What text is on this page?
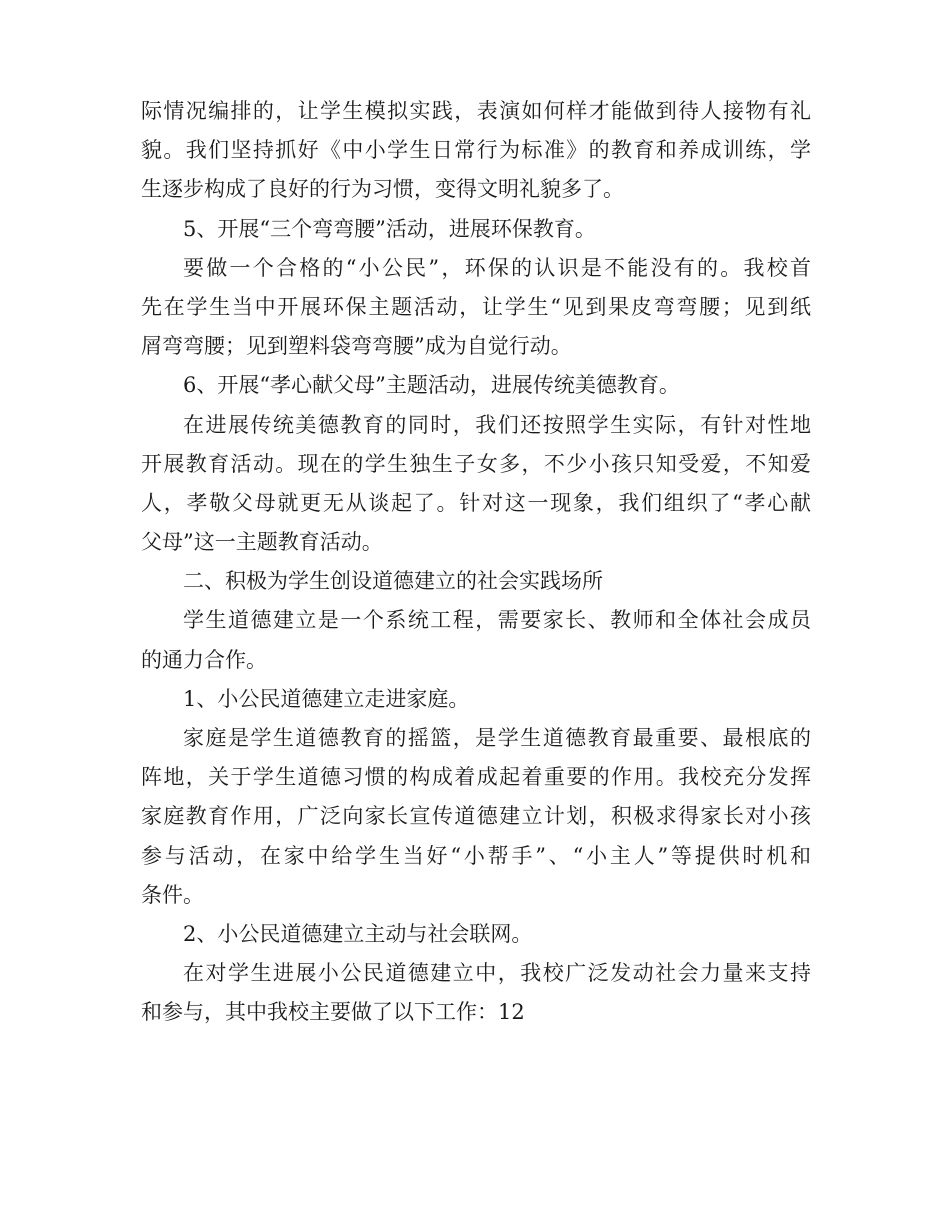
际情况编排的，让学生模拟实践，表演如何样才能做到待人接物有礼
貌。我们坚持抓好《中小学生日常行为标准》的教育和养成训练，学
生逐步构成了良好的行为习惯，变得文明礼貌多了。
5、开展“三个弯弯腰”活动，进展环保教育。
要做一个合格的“小公民”，环保的认识是不能没有的。我校首
先在学生当中开展环保主题活动，让学生“见到果皮弯弯腰；见到纸
屑弯弯腰；见到塑料袋弯弯腰”成为自觉行动。
6、开展“孝心献父母”主题活动，进展传统美德教育。
在进展传统美德教育的同时，我们还按照学生实际，有针对性地
开展教育活动。现在的学生独生子女多，不少小孩只知受爱，不知爱
人，孝敬父母就更无从谈起了。针对这一现象，我们组织了“孝心献
父母”这一主题教育活动。
二、积极为学生创设道德建立的社会实践场所
学生道德建立是一个系统工程，需要家长、教师和全体社会成员
的通力合作。
1、小公民道德建立走进家庭。
家庭是学生道德教育的摇篮，是学生道德教育最重要、最根底的
阵地，关于学生道德习惯的构成着成起着重要的作用。我校充分发挥
家庭教育作用，广泛向家长宣传道德建立计划，积极求得家长对小孩
参与活动，在家中给学生当好“小帮手”、“小主人”等提供时机和
条件。
2、小公民道德建立主动与社会联网。
在对学生进展小公民道德建立中，我校广泛发动社会力量来支持
和参与，其中我校主要做了以下工作：12
